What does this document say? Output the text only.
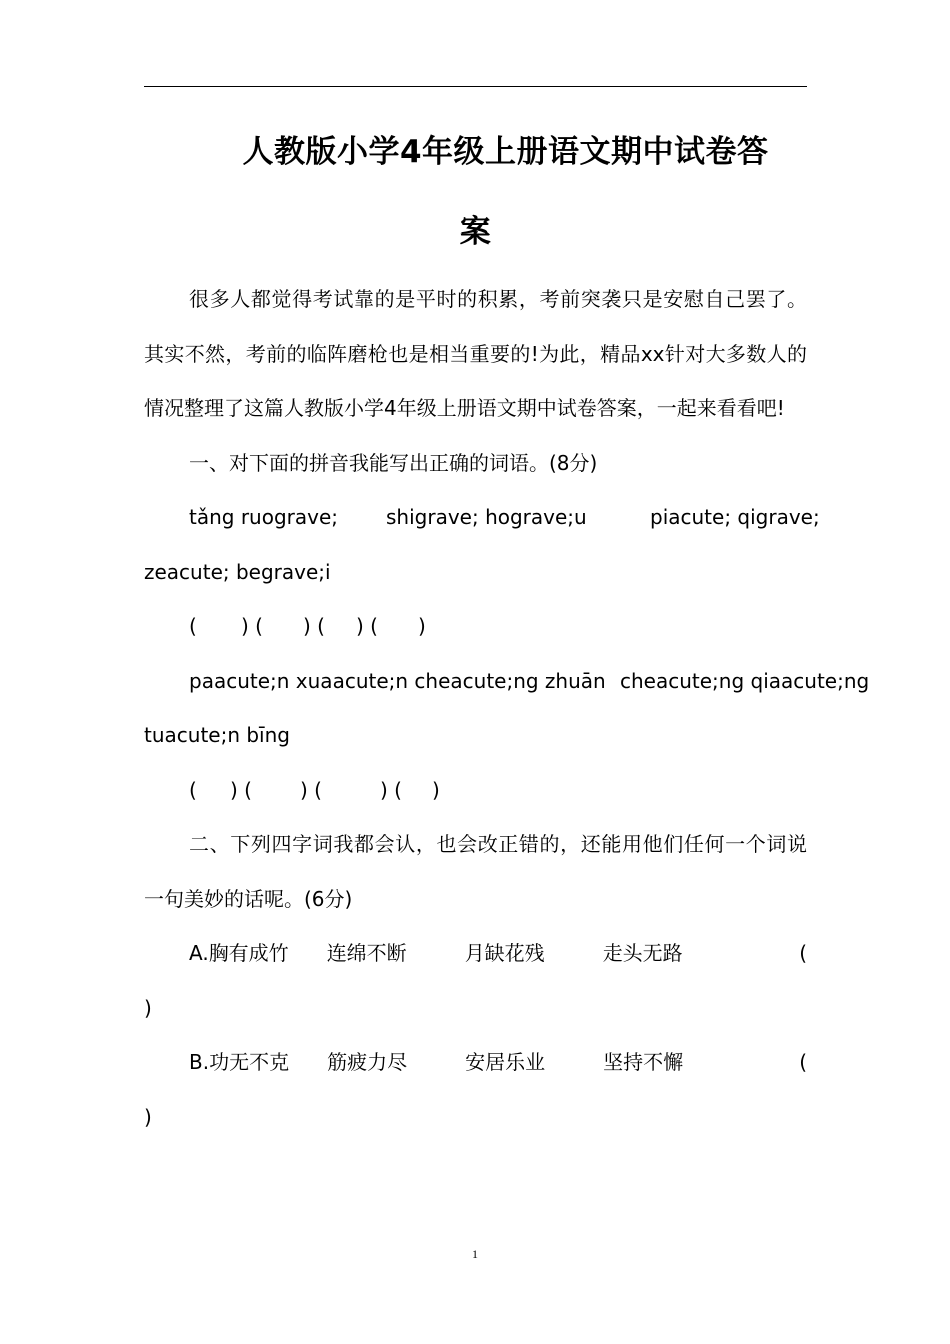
人教版小学4年级上册语文期中试卷答
案

很多人都觉得考试靠的是平时的积累，考前突袭只是安慰自己罢了。其实不然，考前的临阵磨枪也是相当重要的!为此，精品xx针对大多数人的情况整理了这篇人教版小学4年级上册语文期中试卷答案，一起来看看吧!

一、对下面的拼音我能写出正确的词语。(8分)

tǎng ruograve; shigrave; hograve;u	piacute; qigrave;

zeacute; begrave;i

( ) ( ) ( ) ( )
paacute;n xuaacute;n cheacute;ng zhuān cheacute;ng qiaacute;ng

tuacute;n bīng

( ) ( ) (	) ( )

二、下列四字词我都会认，也会改正错的，还能用他们任何一个词说一句美妙的话呢。(6分)

A.胸有成竹 连绵不断	月缺花残	走头无路	(

)

B.功无不克 筋疲力尽	安居乐业	坚持不懈	(

)

1
